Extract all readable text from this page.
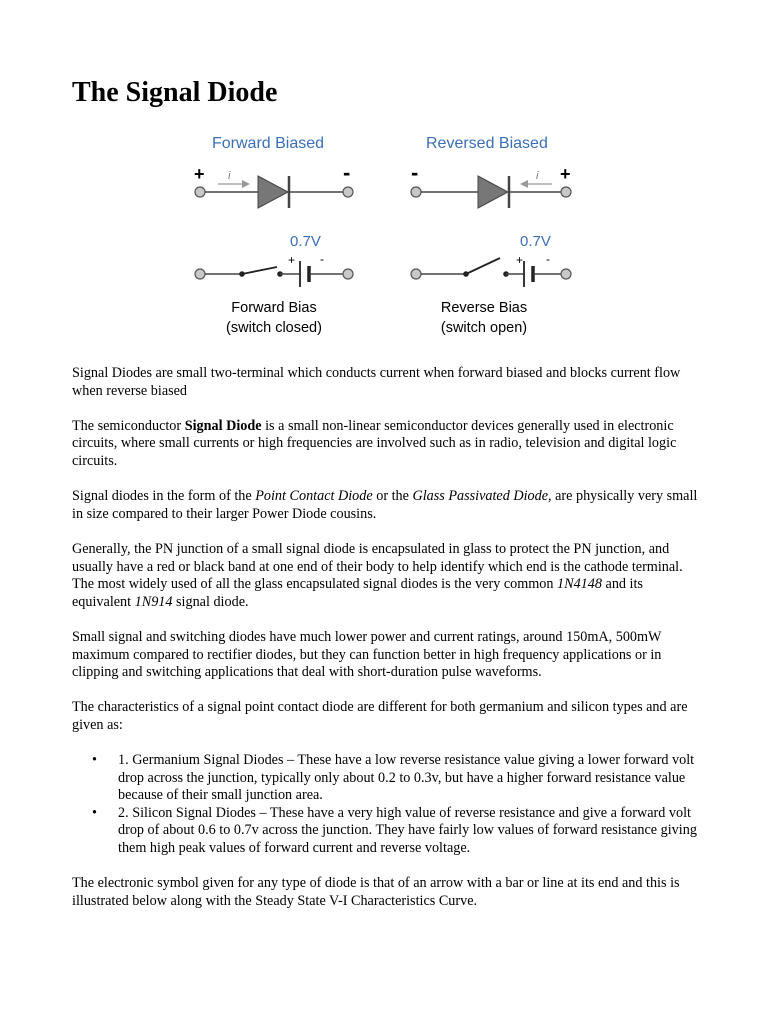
The Signal Diode
Forward Biased	Reversed Biased
+	-
i	-	+
i
0.7V
+ -
Forward Bias
(switch closed)
0.7V
+ -
Reverse Bias
(switch open)

Signal Diodes are small two-terminal which conducts current when forward biased and blocks current flow when reverse biased

The semiconductor Signal Diode is a small non-linear semiconductor devices generally used in electronic circuits, where small currents or high frequencies are involved such as in radio, television and digital logic circuits.

Signal diodes in the form of the Point Contact Diode or the Glass Passivated Diode, are physically very small in size compared to their larger Power Diode cousins.

Generally, the PN junction of a small signal diode is encapsulated in glass to protect the PN junction, and usually have a red or black band at one end of their body to help identify which end is the cathode terminal. The most widely used of all the glass encapsulated signal diodes is the very common 1N4148 and its equivalent 1N914 signal diode.

Small signal and switching diodes have much lower power and current ratings, around 150mA, 500mW maximum compared to rectifier diodes, but they can function better in high frequency applications or in clipping and switching applications that deal with short-duration pulse waveforms.

The characteristics of a signal point contact diode are different for both germanium and silicon types and are given as:

• 1. Germanium Signal Diodes – These have a low reverse resistance value giving a lower forward volt drop across the junction, typically only about 0.2 to 0.3v, but have a higher forward resistance value because of their small junction area.
• 2. Silicon Signal Diodes – These have a very high value of reverse resistance and give a forward volt drop of about 0.6 to 0.7v across the junction. They have fairly low values of forward resistance giving them high peak values of forward current and reverse voltage.

The electronic symbol given for any type of diode is that of an arrow with a bar or line at its end and this is illustrated below along with the Steady State V-I Characteristics Curve.
